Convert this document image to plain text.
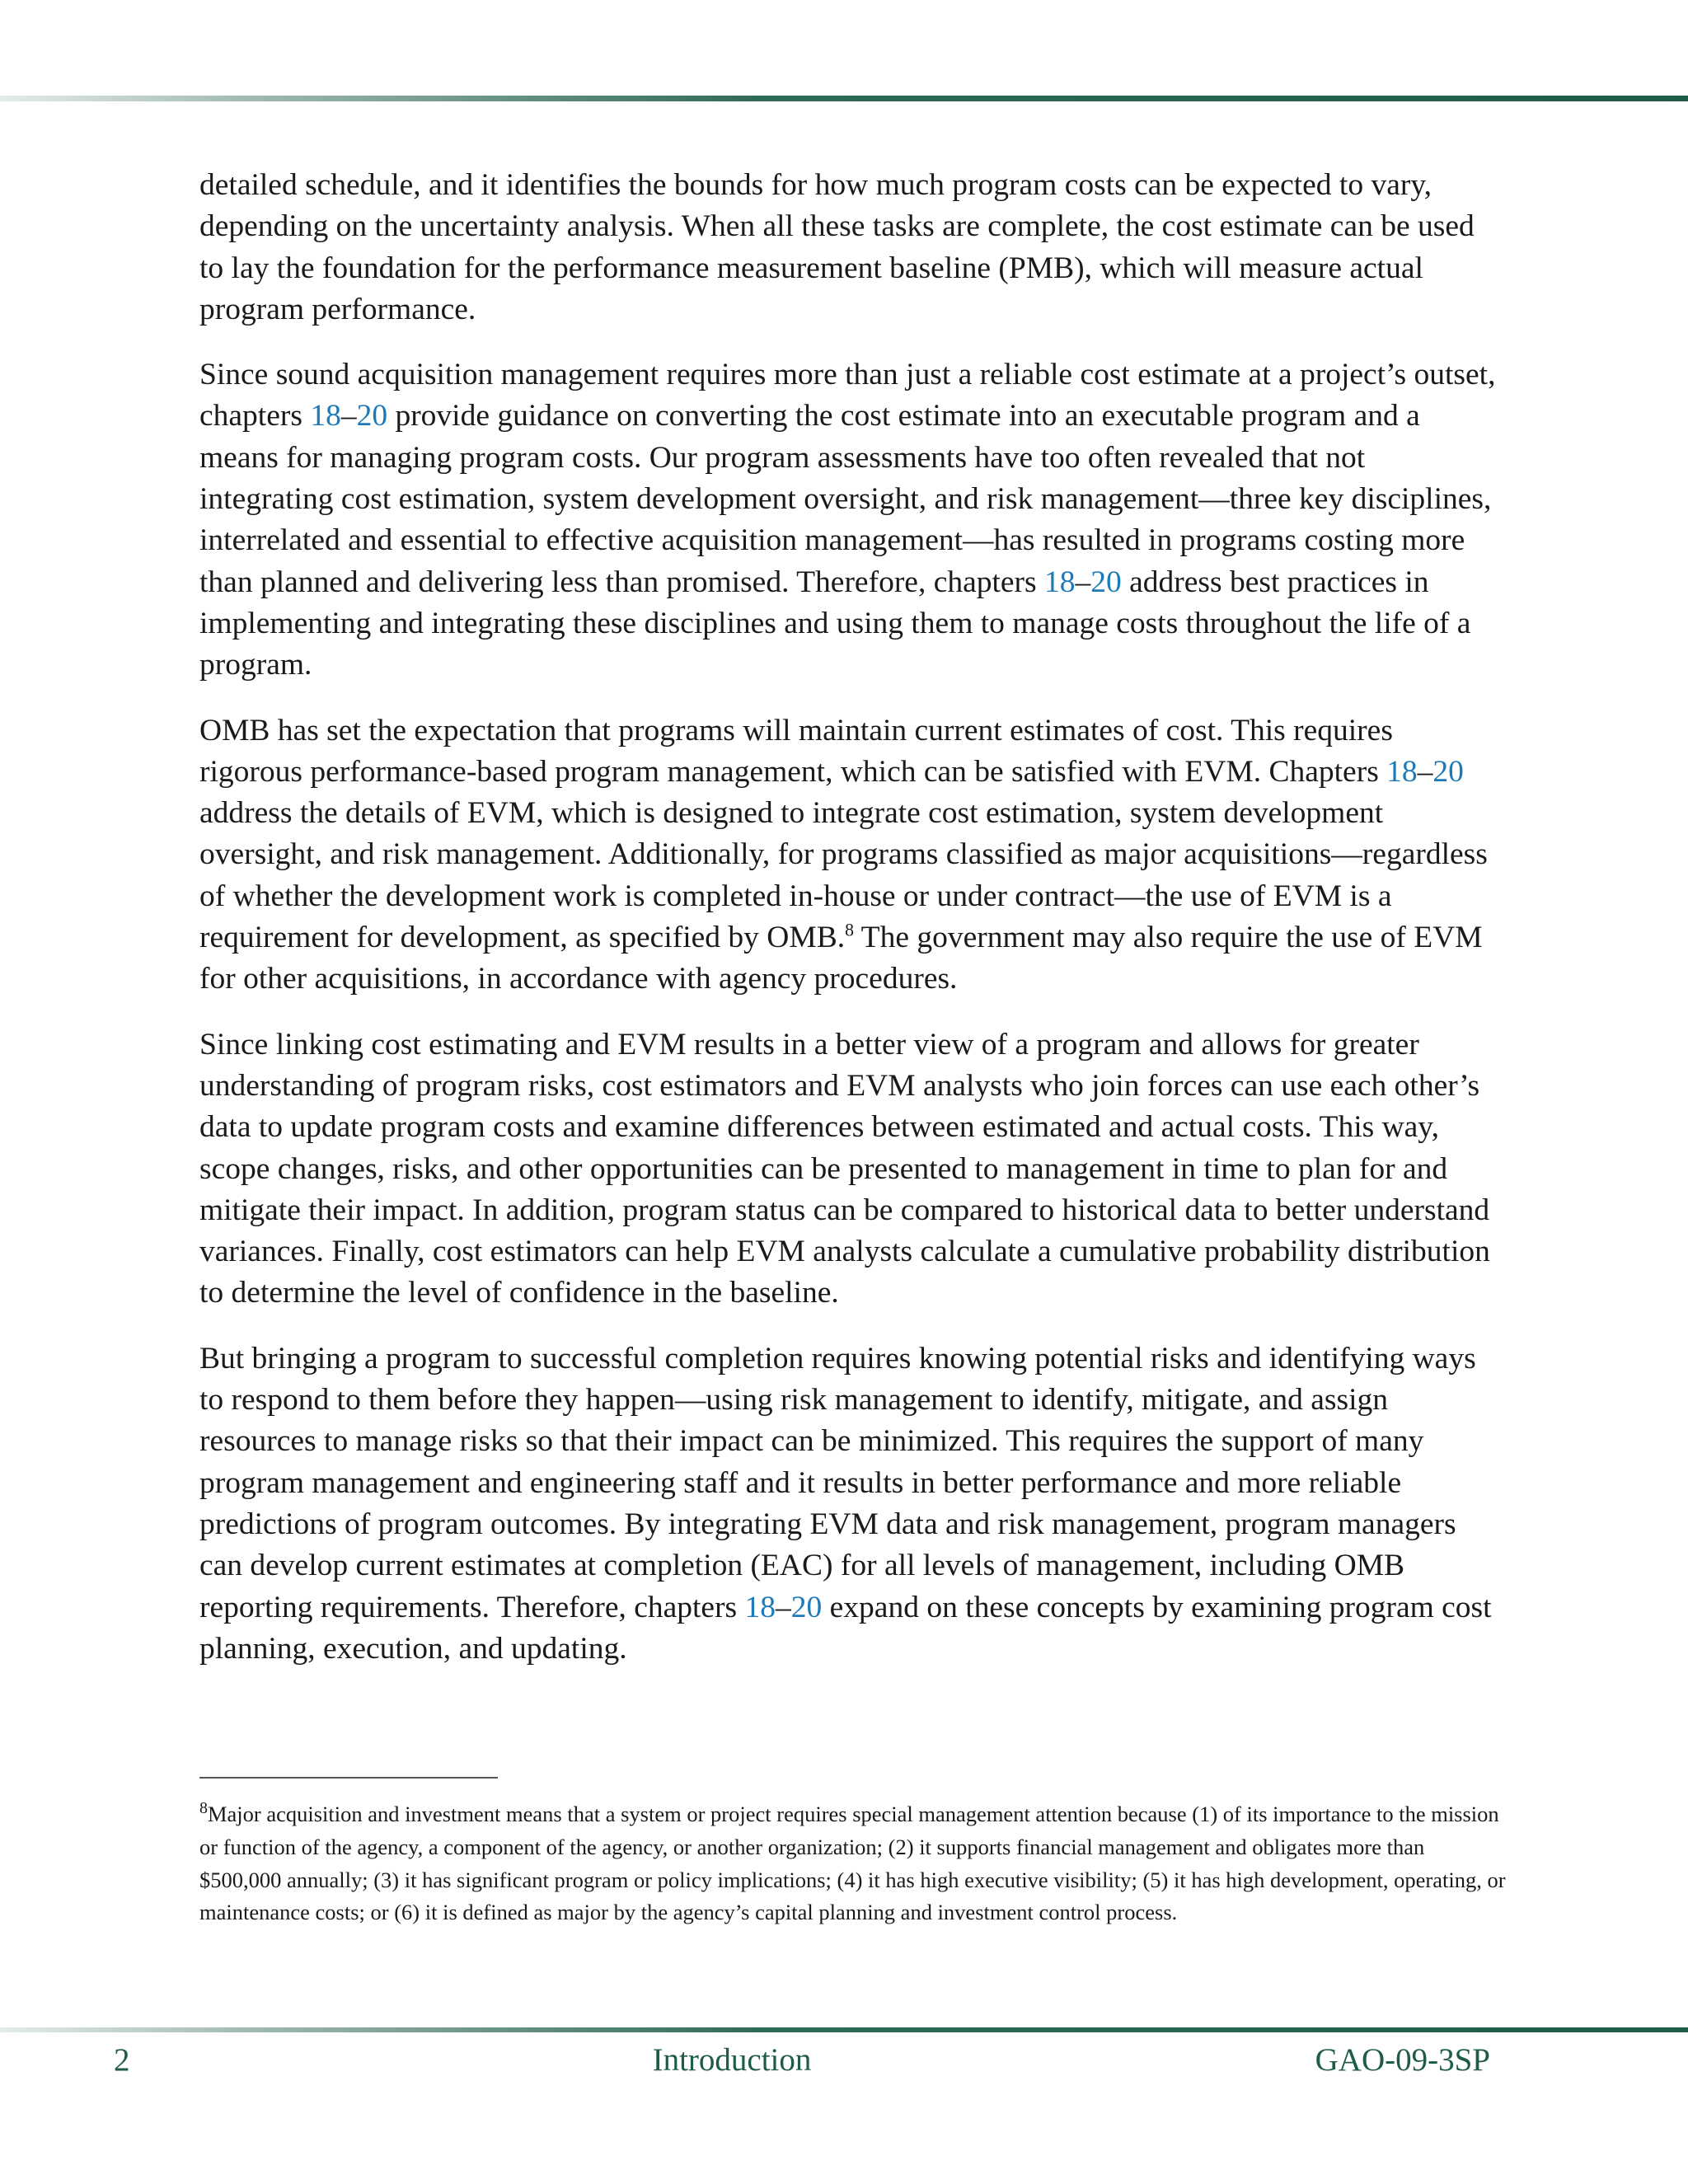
detailed schedule, and it identifies the bounds for how much program costs can be expected to vary, depending on the uncertainty analysis. When all these tasks are complete, the cost estimate can be used to lay the foundation for the performance measurement baseline (PMB), which will measure actual program performance.

Since sound acquisition management requires more than just a reliable cost estimate at a project’s outset, chapters 18–20 provide guidance on converting the cost estimate into an executable program and a means for managing program costs. Our program assessments have too often revealed that not integrating cost estimation, system development oversight, and risk management—three key disciplines, interrelated and essential to effective acquisition management—has resulted in programs costing more than planned and delivering less than promised. Therefore, chapters 18–20 address best practices in implementing and integrating these disciplines and using them to manage costs throughout the life of a program.

OMB has set the expectation that programs will maintain current estimates of cost. This requires rigorous performance-based program management, which can be satisfied with EVM. Chapters 18–20 address the details of EVM, which is designed to integrate cost estimation, system development oversight, and risk management. Additionally, for programs classified as major acquisitions—regardless of whether the development work is completed in-house or under contract—the use of EVM is a requirement for development, as specified by OMB.$^8$ The government may also require the use of EVM for other acquisitions, in accordance with agency procedures.

Since linking cost estimating and EVM results in a better view of a program and allows for greater understanding of program risks, cost estimators and EVM analysts who join forces can use each other’s data to update program costs and examine differences between estimated and actual costs. This way, scope changes, risks, and other opportunities can be presented to management in time to plan for and mitigate their impact. In addition, program status can be compared to historical data to better understand variances. Finally, cost estimators can help EVM analysts calculate a cumulative probability distribution to determine the level of confidence in the baseline.

But bringing a program to successful completion requires knowing potential risks and identifying ways to respond to them before they happen—using risk management to identify, mitigate, and assign resources to manage risks so that their impact can be minimized. This requires the support of many program management and engineering staff and it results in better performance and more reliable predictions of program outcomes. By integrating EVM data and risk management, program managers can develop current estimates at completion (EAC) for all levels of management, including OMB reporting requirements. Therefore, chapters 18–20 expand on these concepts by examining program cost planning, execution, and updating.

$^8$Major acquisition and investment means that a system or project requires special management attention because (1) of its importance to the mission or function of the agency, a component of the agency, or another organization; (2) it supports financial management and obligates more than $500,000 annually; (3) it has significant program or policy implications; (4) it has high executive visibility; (5) it has high development, operating, or maintenance costs; or (6) it is defined as major by the agency’s capital planning and investment control process.
2	Introduction	GAO-09-3SP
